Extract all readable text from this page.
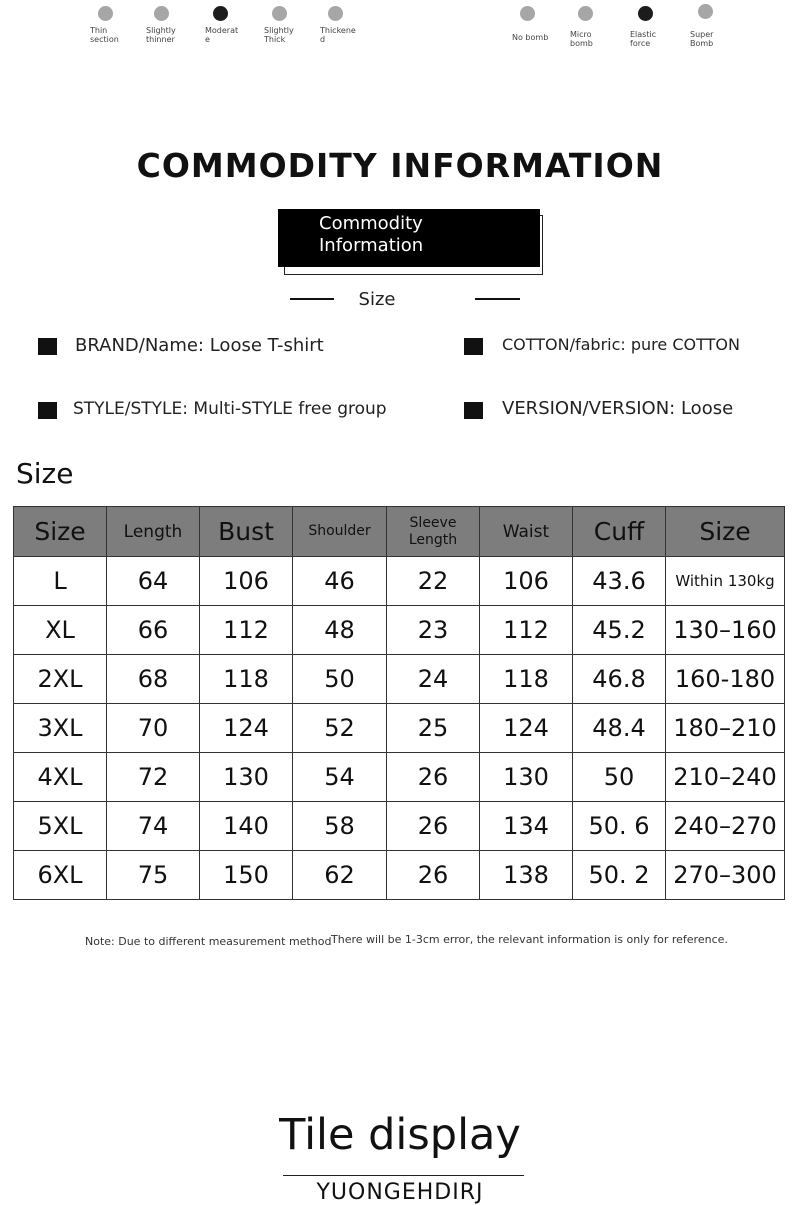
Thin section
Slightly thinner
Moderate
Slightly Thick
Thickened	No bomb	Micro bomb
Elastic force
Super Bomb
COMMODITY INFORMATION
Commodity
Information
Size
BRAND/Name: Loose T-shirt	COTTON/fabric: pure COTTON
STYLE/STYLE: Multi-STYLE free group	VERSION/VERSION: Loose
Size
Size	Length	Bust	Shoulder	Sleeve Length	Waist	Cuff	Size
L	64	106	46	22	106	43.6	Within 130kg
XL	66	112	48	23	112	45.2	130–160
2XL	68	118	50	24	118	46.8	160-180
3XL	70	124	52	25	124	48.4	180–210
4XL	72	130	54	26	130	50	210–240
5XL	74	140	58	26	134	50. 6	240–270
6XL	75	150	62	26	138	50. 2	270–300
Note: Due to different measurement method There will be 1-3cm error, the relevant information is only for reference.
Tile display
YUONGEHDIRJ
